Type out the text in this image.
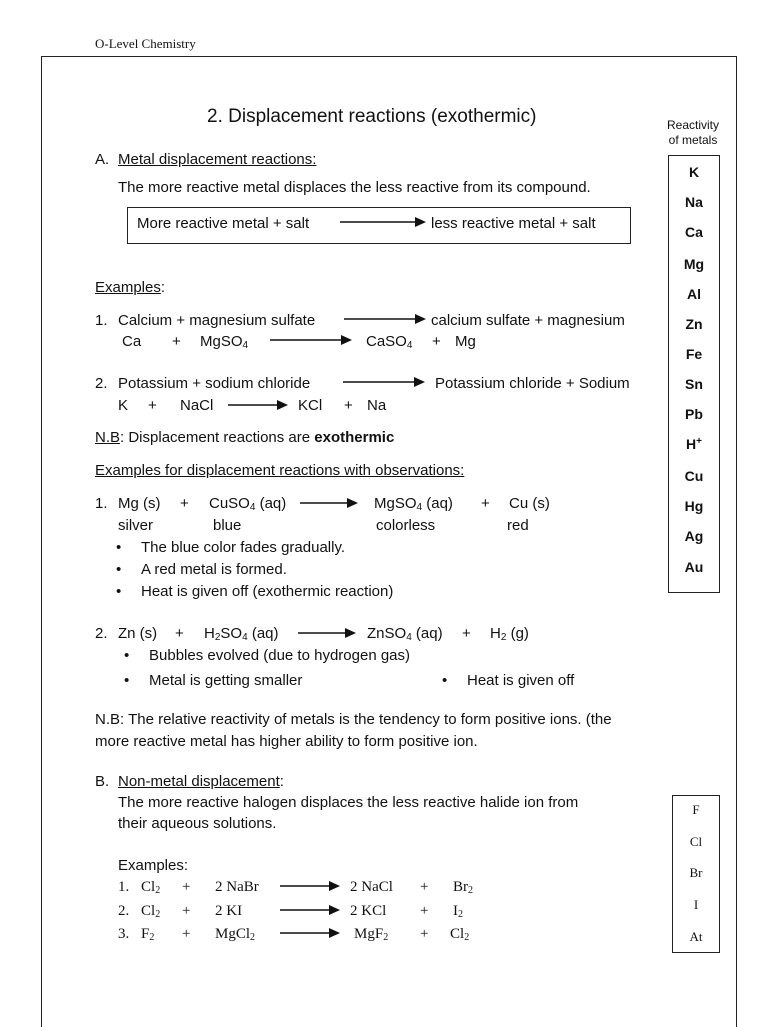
O-Level Chemistry
2. Displacement reactions (exothermic)
A. Metal displacement reactions:
The more reactive metal displaces the less reactive from its compound.
More reactive metal + salt	less reactive metal + salt
Examples:
1. Calcium + magnesium sulfate	calcium sulfate + magnesium
Ca + MgSO$_4$	CaSO$_4$ + Mg
2. Potassium + sodium chloride	Potassium chloride + Sodium
K + NaCl	KCl + Na
N.B: Displacement reactions are exothermic
Examples for displacement reactions with observations:
1. Mg (s) + CuSO$_4$ (aq)	MgSO$_4$ (aq) + Cu (s)
silver	blue	colorless	red
• The blue color fades gradually.
• A red metal is formed.
• Heat is given off (exothermic reaction)
2. Zn $(s) + H_2SO_4$ (aq)	ZnSO$_4$ $(aq) + H_2$ (g)
• Bubbles evolved (due to hydrogen gas)
• Metal is getting smaller
•	Heat is given off
N.B: The relative reactivity of metals is the tendency to form positive ions. (the
more reactive metal has higher ability to form positive ion.
B. Non-metal displacement:
The more reactive halogen displaces the less reactive halide ion from
their aqueous solutions.
Examples:
1. $Cl_2 + 2$ NaBr	2 NaCl + $Br_2$
2. $Cl_2 + 2$ KI	2 KCl + $I_2$
3. $F_2$ + MgCl$_2$	$MgF_2 + Cl_2$
Reactivity of metals
K
Na
Ca
Mg
Al
Zn
Fe
Sn
Pb
H+
Cu
Hg
Ag
Au
F
Cl
Br
I
At
